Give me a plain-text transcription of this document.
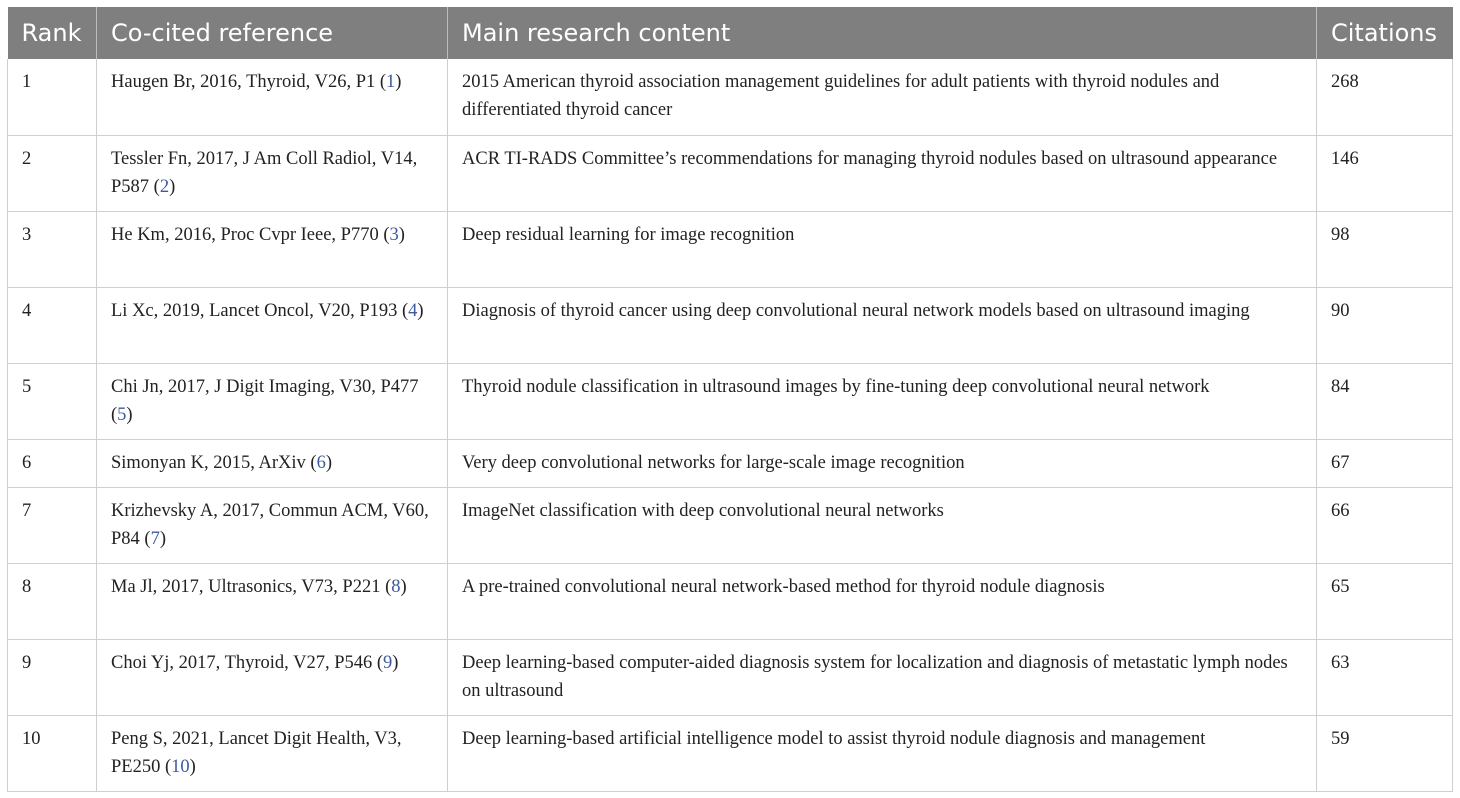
Rank	Co-cited reference	Main research content	Citations
1	Haugen Br, 2016, Thyroid, V26, P1 (1)	2015 American thyroid association management guidelines for adult patients with thyroid nodules and differentiated thyroid cancer	268
2	Tessler Fn, 2017, J Am Coll Radiol, V14, P587 (2)	ACR TI-RADS Committee’s recommendations for managing thyroid nodules based on ultrasound appearance	146
3	He Km, 2016, Proc Cvpr Ieee, P770 (3)	Deep residual learning for image recognition	98
4	Li Xc, 2019, Lancet Oncol, V20, P193 (4)	Diagnosis of thyroid cancer using deep convolutional neural network models based on ultrasound imaging	90
5	Chi Jn, 2017, J Digit Imaging, V30, P477 (5)	Thyroid nodule classification in ultrasound images by fine-tuning deep convolutional neural network	84
6	Simonyan K, 2015, ArXiv (6)	Very deep convolutional networks for large-scale image recognition	67
7	Krizhevsky A, 2017, Commun ACM, V60, P84 (7)	ImageNet classification with deep convolutional neural networks	66
8	Ma Jl, 2017, Ultrasonics, V73, P221 (8)	A pre-trained convolutional neural network-based method for thyroid nodule diagnosis	65
9	Choi Yj, 2017, Thyroid, V27, P546 (9)	Deep learning-based computer-aided diagnosis system for localization and diagnosis of metastatic lymph nodes on ultrasound	63
10	Peng S, 2021, Lancet Digit Health, V3, PE250 (10)	Deep learning-based artificial intelligence model to assist thyroid nodule diagnosis and management	59
